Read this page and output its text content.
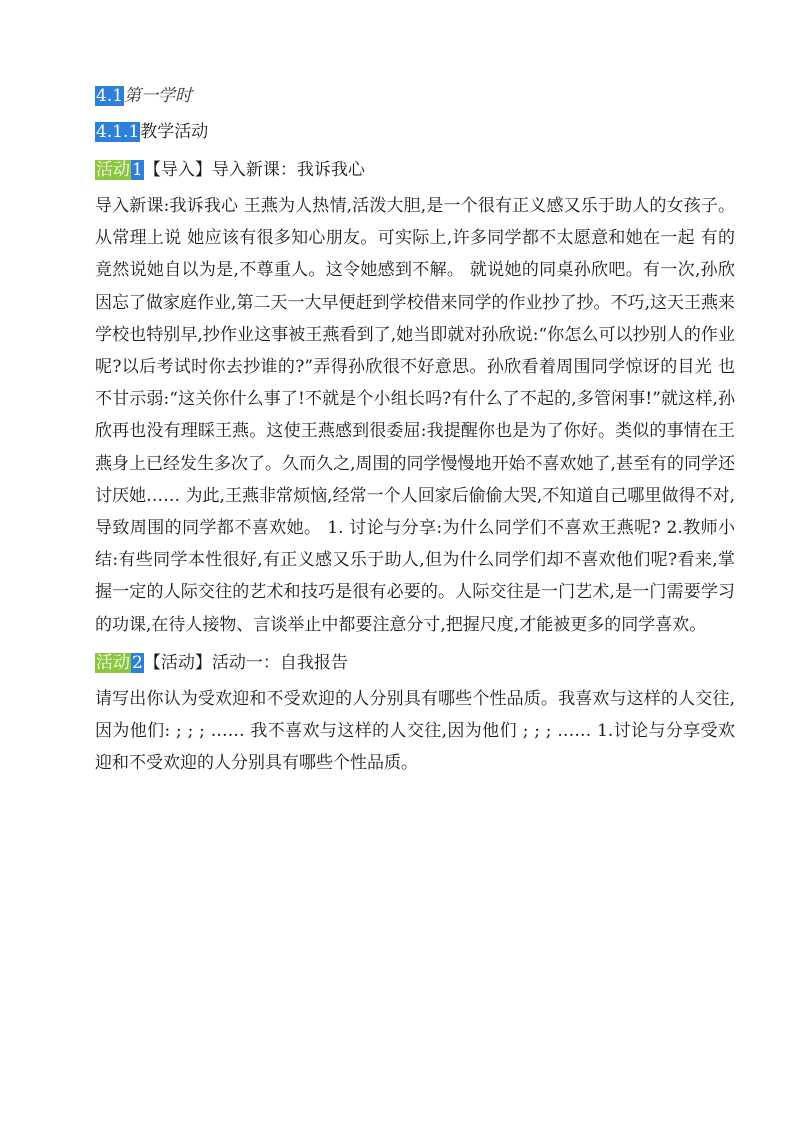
4.1第一学时
4.1.1教学活动
活动 1【导入】导入新课：我诉我心

导入新课:我诉我心 王燕为人热情,活泼大胆,是一个很有正义感又乐于助人的女孩子。从常理上说 她应该有很多知心朋友。可实际上,许多同学都不太愿意和她在一起 有的竟然说她自以为是,不尊重人。这令她感到不解。 就说她的同桌孙欣吧。有一次,孙欣因忘了做家庭作业,第二天一大早便赶到学校借来同学的作业抄了抄。不巧,这天王燕来学校也特别早,抄作业这事被王燕看到了,她当即就对孙欣说:“你怎么可以抄别人的作业呢?以后考试时你去抄谁的?”弄得孙欣很不好意思。孙欣看着周围同学惊讶的目光 也不甘示弱:“这关你什么事了!不就是个小组长吗?有什么了不起的,多管闲事!”就这样,孙欣再也没有理睬王燕。这使王燕感到很委屈:我提醒你也是为了你好。类似的事情在王燕身上已经发生多次了。久而久之,周围的同学慢慢地开始不喜欢她了,甚至有的同学还讨厌她…… 为此,王燕非常烦恼,经常一个人回家后偷偷大哭,不知道自己哪里做得不对,导致周围的同学都不喜欢她。 1. 讨论与分享:为什么同学们不喜欢王燕呢? 2.教师小结:有些同学本性很好,有正义感又乐于助人,但为什么同学们却不喜欢他们呢?看来,掌握一定的人际交往的艺术和技巧是很有必要的。人际交往是一门艺术,是一门需要学习的功课,在待人接物、言谈举止中都要注意分寸,把握尺度,才能被更多的同学喜欢。

活动 2【活动】活动一：自我报告

请写出你认为受欢迎和不受欢迎的人分别具有哪些个性品质。我喜欢与这样的人交往,因为他们: ; ; ; …… 我不喜欢与这样的人交往,因为他们 ; ; ; …… 1.讨论与分享受欢迎和不受欢迎的人分别具有哪些个性品质。
